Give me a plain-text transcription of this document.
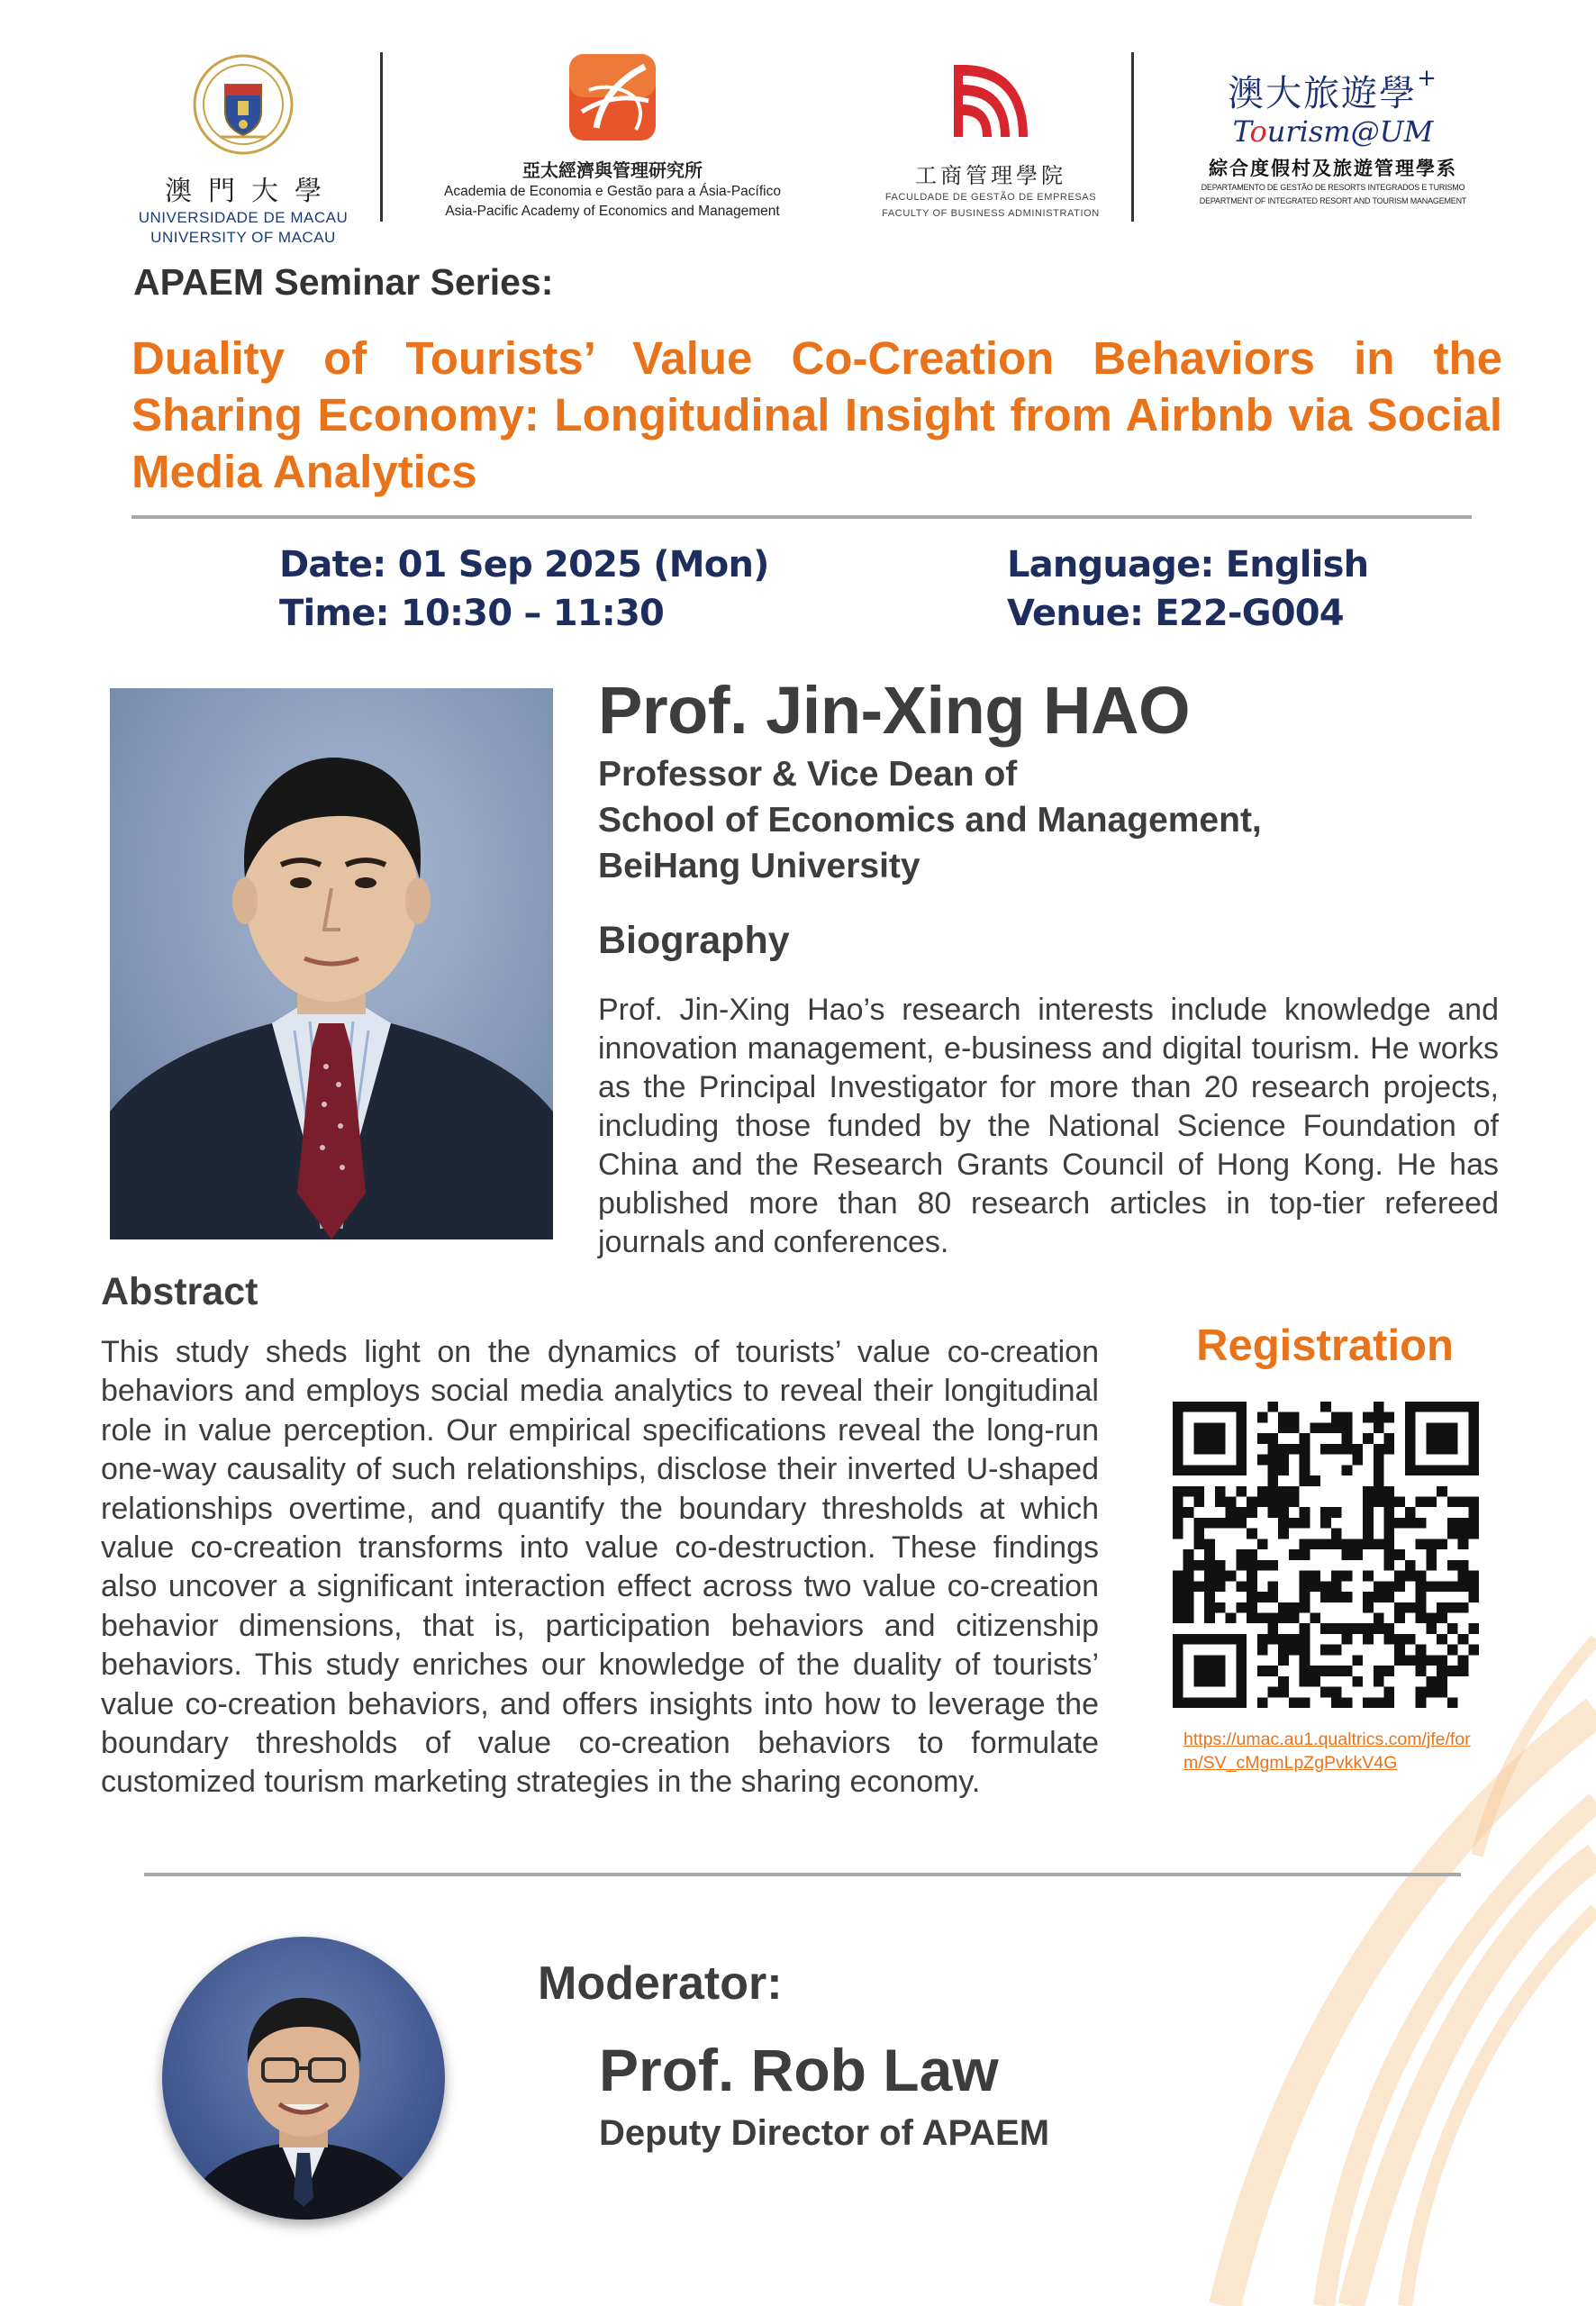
澳門大學
UNIVERSIDADE DE MACAU
UNIVERSITY OF MACAU
亞太經濟與管理研究所
Academia de Economia e Gestão para a Ásia-Pacífico
Asia-Pacific Academy of Economics and Management
工商管理學院
FACULDADE DE GESTÃO DE EMPRESAS
FACULTY OF BUSINESS ADMINISTRATION
澳大旅遊學+
Tourism@UM
綜合度假村及旅遊管理學系
DEPARTAMENTO DE GESTÃO DE RESORTS INTEGRADOS E TURISMO
DEPARTMENT OF INTEGRATED RESORT AND TOURISM MANAGEMENT
APAEM Seminar Series:
Duality of Tourists’ Value Co-Creation Behaviors in the Sharing Economy: Longitudinal Insight from Airbnb via Social Media Analytics
Date: 01 Sep 2025 (Mon)
Time: 10:30 – 11:30
Language: English
Venue: E22-G004
Prof. Jin-Xing HAO
Professor & Vice Dean of
School of Economics and Management,
BeiHang University
Biography
Prof. Jin-Xing Hao’s research interests include knowledge and innovation management, e-business and digital tourism. He works as the Principal Investigator for more than 20 research projects, including those funded by the National Science Foundation of China and the Research Grants Council of Hong Kong. He has published more than 80 research articles in top-tier refereed journals and conferences.
Abstract
This study sheds light on the dynamics of tourists’ value co-creation behaviors and employs social media analytics to reveal their longitudinal role in value perception. Our empirical specifications reveal the long-run one-way causality of such relationships, disclose their inverted U-shaped relationships overtime, and quantify the boundary thresholds at which value co-creation transforms into value co-destruction. These findings also uncover a significant interaction effect across two value co-creation behavior dimensions, that is, participation behaviors and citizenship behaviors. This study enriches our knowledge of the duality of tourists’ value co-creation behaviors, and offers insights into how to leverage the boundary thresholds of value co-creation behaviors to formulate customized tourism marketing strategies in the sharing economy.
Registration
https://umac.au1.qualtrics.com/jfe/form/SV_cMgmLpZgPvkkV4G
Moderator:
Prof. Rob Law
Deputy Director of APAEM
